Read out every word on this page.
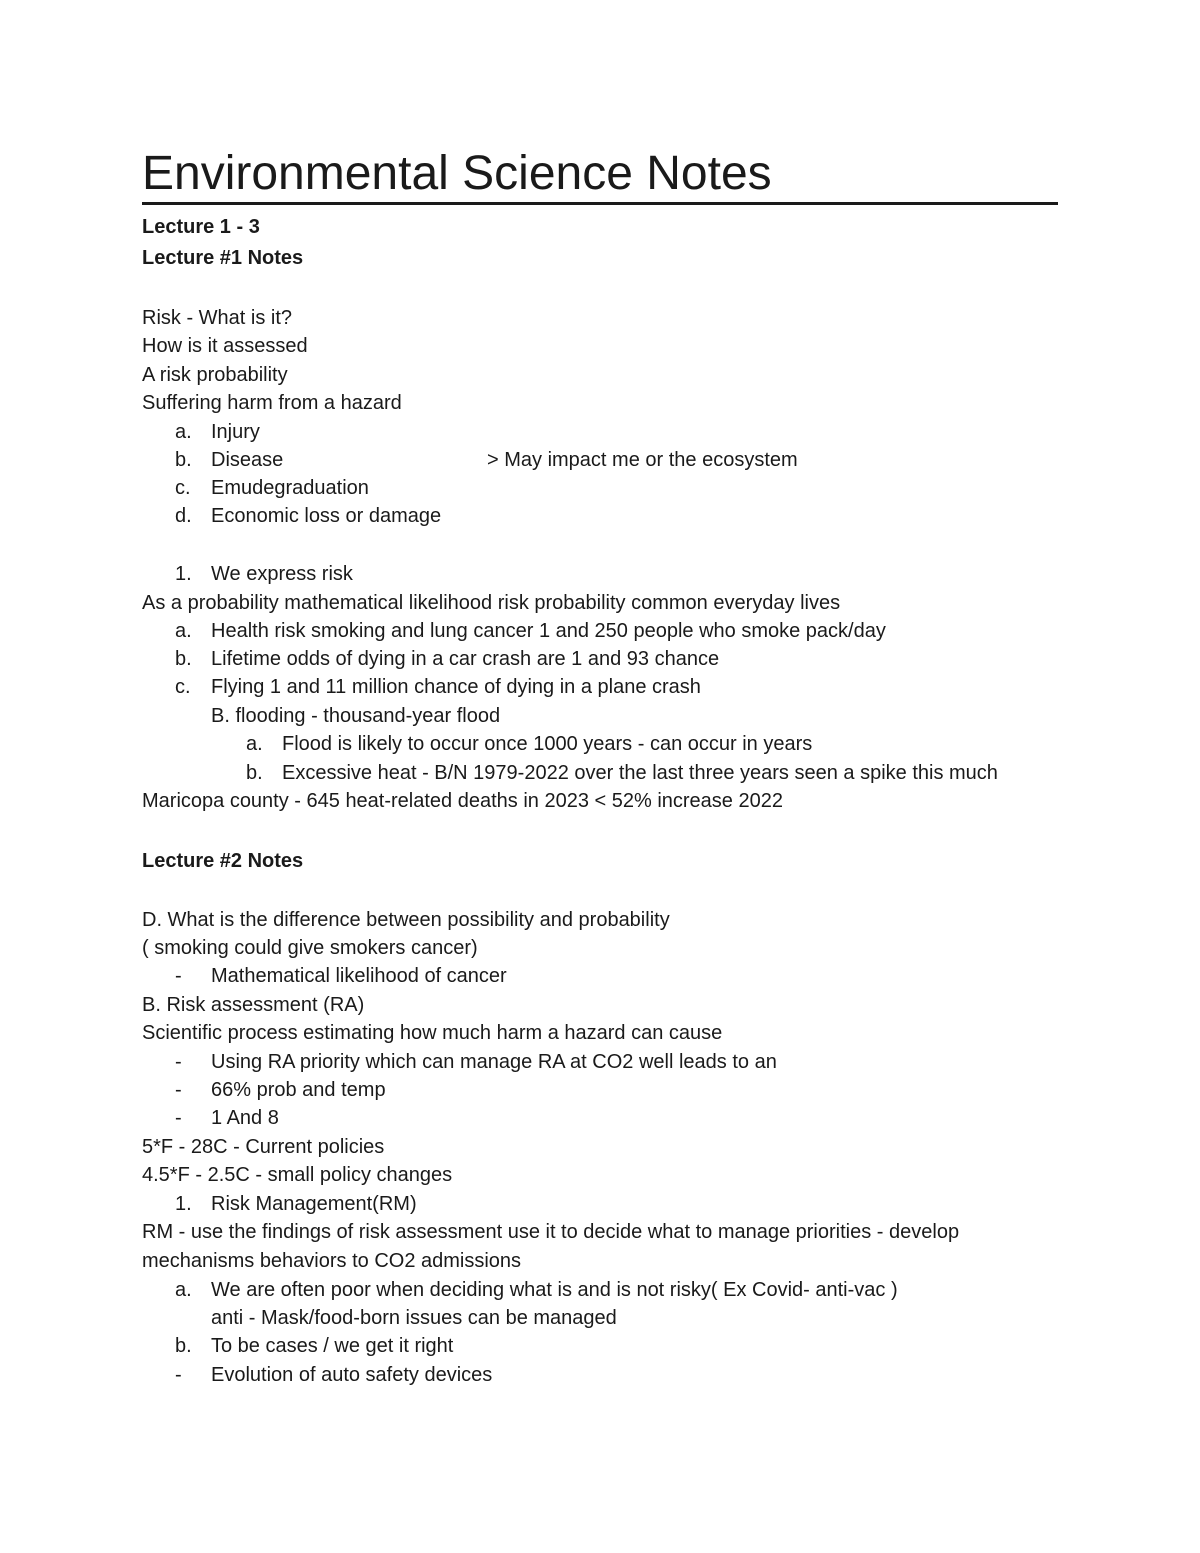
Environmental Science Notes
Lecture 1 - 3
Lecture #1 Notes
Risk - What is it?
How is it assessed
A risk probability
Suffering harm from a hazard
a. Injury
b. Disease	> May impact me or the ecosystem
c.	Emudegraduation
d. Economic loss or damage
1. We express risk
As a probability mathematical likelihood risk probability common everyday lives
a. Health risk smoking and lung cancer 1 and 250 people who smoke pack/day
b. Lifetime odds of dying in a car crash are 1 and 93 chance
c.	Flying 1 and 11 million chance of dying in a plane crash
B. flooding - thousand-year flood
a. Flood is likely to occur once 1000 years - can occur in years
b. Excessive heat - B/N 1979-2022 over the last three years seen a spike this much
Maricopa county - 645 heat-related deaths in 2023 < 52% increase 2022
Lecture #2 Notes
D. What is the difference between possibility and probability
( smoking could give smokers cancer)
-	Mathematical likelihood of cancer
B. Risk assessment (RA)
Scientific process estimating how much harm a hazard can cause
-	Using RA priority which can manage RA at CO2 well leads to an
-	66% prob and temp
-	1 And 8
5*F - 28C - Current policies
4.5*F - 2.5C - small policy changes
1. Risk Management(RM)
RM - use the findings of risk assessment use it to decide what to manage priorities - develop
mechanisms behaviors to CO2 admissions
a. We are often poor when deciding what is and is not risky( Ex Covid- anti-vac )
anti - Mask/food-born issues can be managed
b. To be cases / we get it right
-	Evolution of auto safety devices
